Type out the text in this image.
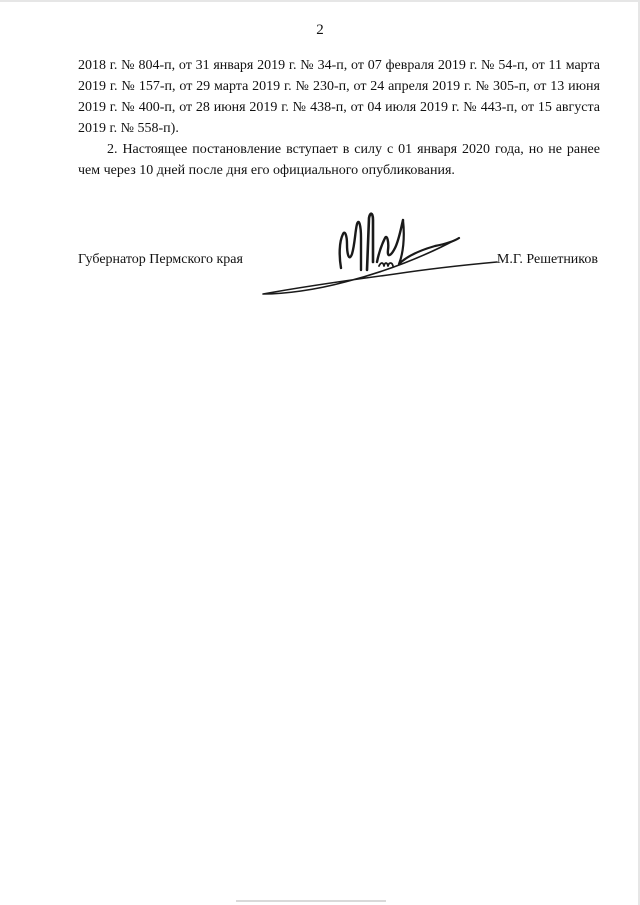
2

2018 г. № 804-п, от 31 января 2019 г. № 34-п, от 07 февраля 2019 г. № 54-п, от 11 марта 2019 г. № 157-п, от 29 марта 2019 г. № 230-п, от 24 апреля 2019 г. № 305-п, от 13 июня 2019 г. № 400-п, от 28 июня 2019 г. № 438-п, от 04 июля 2019 г. № 443-п, от 15 августа 2019 г. № 558-п).

2. Настоящее постановление вступает в силу с 01 января 2020 года, но не ранее чем через 10 дней после дня его официального опубликования.

Губернатор Пермского края	М.Г. Решетников
